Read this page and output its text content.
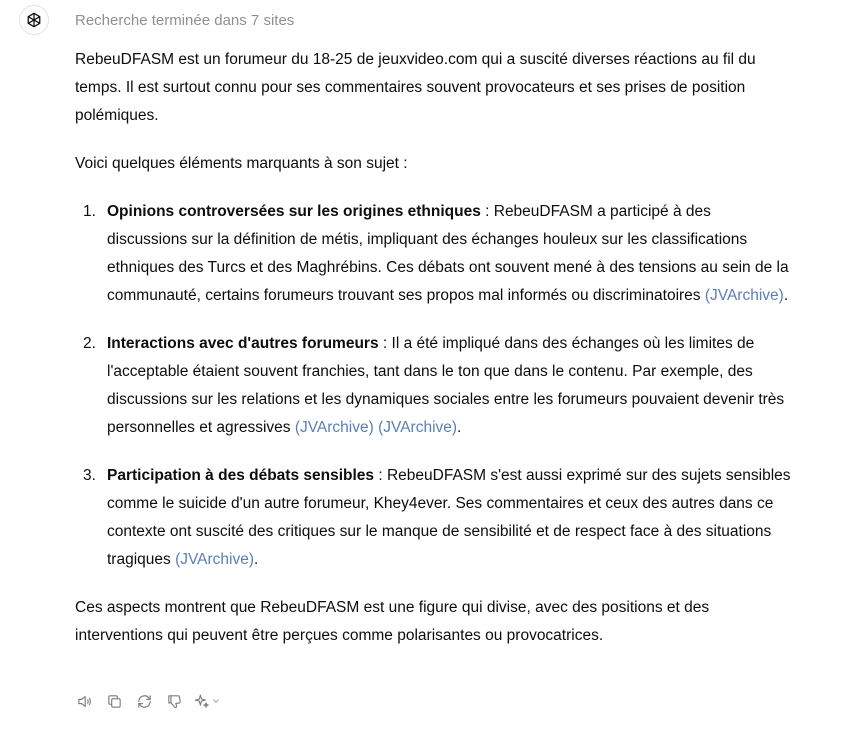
Recherche terminée dans 7 sites

RebeuDFASM est un forumeur du 18-25 de jeuxvideo.com qui a suscité diverses réactions au fil du temps. Il est surtout connu pour ses commentaires souvent provocateurs et ses prises de position polémiques.

Voici quelques éléments marquants à son sujet :

1. Opinions controversées sur les origines ethniques : RebeuDFASM a participé à des discussions sur la définition de métis, impliquant des échanges houleux sur les classifications ethniques des Turcs et des Maghrébins. Ces débats ont souvent mené à des tensions au sein de la communauté, certains forumeurs trouvant ses propos mal informés ou discriminatoires (JVArchive).
2. Interactions avec d'autres forumeurs : Il a été impliqué dans des échanges où les limites de l'acceptable étaient souvent franchies, tant dans le ton que dans le contenu. Par exemple, des discussions sur les relations et les dynamiques sociales entre les forumeurs pouvaient devenir très personnelles et agressives (JVArchive) (JVArchive).
3. Participation à des débats sensibles : RebeuDFASM s'est aussi exprimé sur des sujets sensibles comme le suicide d'un autre forumeur, Khey4ever. Ses commentaires et ceux des autres dans ce contexte ont suscité des critiques sur le manque de sensibilité et de respect face à des situations tragiques (JVArchive).

Ces aspects montrent que RebeuDFASM est une figure qui divise, avec des positions et des interventions qui peuvent être perçues comme polarisantes ou provocatrices.
